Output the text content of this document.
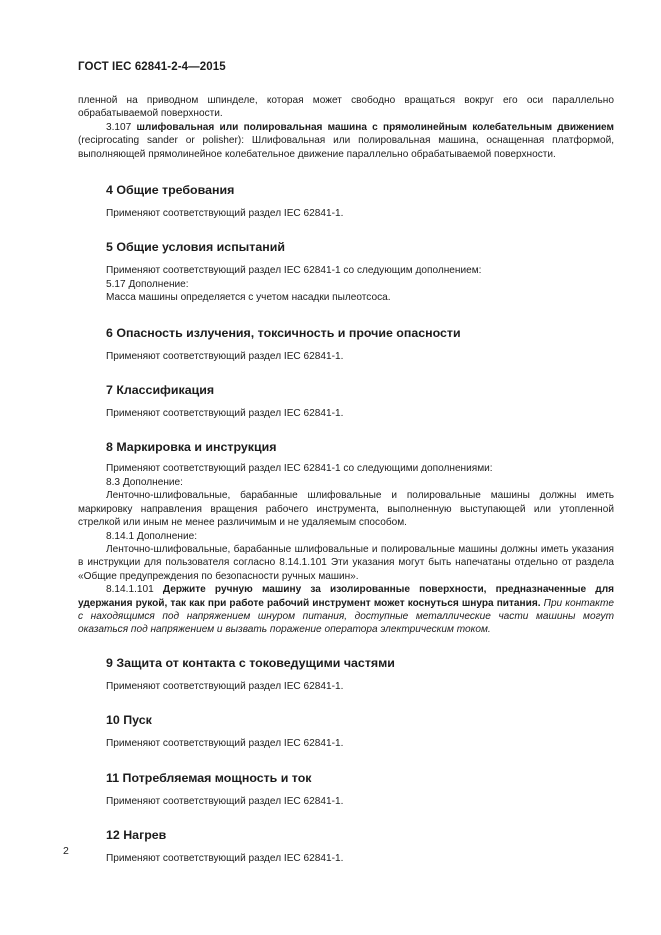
ГОСТ IEC 62841-2-4—2015

пленной на приводном шпинделе, которая может свободно вращаться вокруг его оси параллельно обрабатываемой поверхности.

3.107 шлифовальная или полировальная машина с прямолинейным колебательным движением (reciprocating sander or polisher): Шлифовальная или полировальная машина, оснащенная платформой, выполняющей прямолинейное колебательное движение параллельно обрабатываемой поверхности.

4 Общие требования

Применяют соответствующий раздел IEC 62841-1.

5 Общие условия испытаний

Применяют соответствующий раздел IEC 62841-1 со следующим дополнением:

5.17 Дополнение:

Масса машины определяется с учетом насадки пылеотсоса.

6 Опасность излучения, токсичность и прочие опасности

Применяют соответствующий раздел IEC 62841-1.

7 Классификация

Применяют соответствующий раздел IEC 62841-1.

8 Маркировка и инструкция

Применяют соответствующий раздел IEC 62841-1 со следующими дополнениями:

8.3 Дополнение:

Ленточно-шлифовальные, барабанные шлифовальные и полировальные машины должны иметь маркировку направления вращения рабочего инструмента, выполненную выступающей или утопленной стрелкой или иным не менее различимым и не удаляемым способом.

8.14.1 Дополнение:

Ленточно-шлифовальные, барабанные шлифовальные и полировальные машины должны иметь указания в инструкции для пользователя согласно 8.14.1.101 Эти указания могут быть напечатаны отдельно от раздела «Общие предупреждения по безопасности ручных машин».

8.14.1.101 Держите ручную машину за изолированные поверхности, предназначенные для удержания рукой, так как при работе рабочий инструмент может коснуться шнура питания. При контакте с находящимся под напряжением шнуром питания, доступные металлические части машины могут оказаться под напряжением и вызвать поражение оператора электрическим током.

9 Защита от контакта с токоведущими частями

Применяют соответствующий раздел IEC 62841-1.

10 Пуск

Применяют соответствующий раздел IEC 62841-1.

11 Потребляемая мощность и ток

Применяют соответствующий раздел IEC 62841-1.

12 Нагрев

Применяют соответствующий раздел IEC 62841-1.

2
